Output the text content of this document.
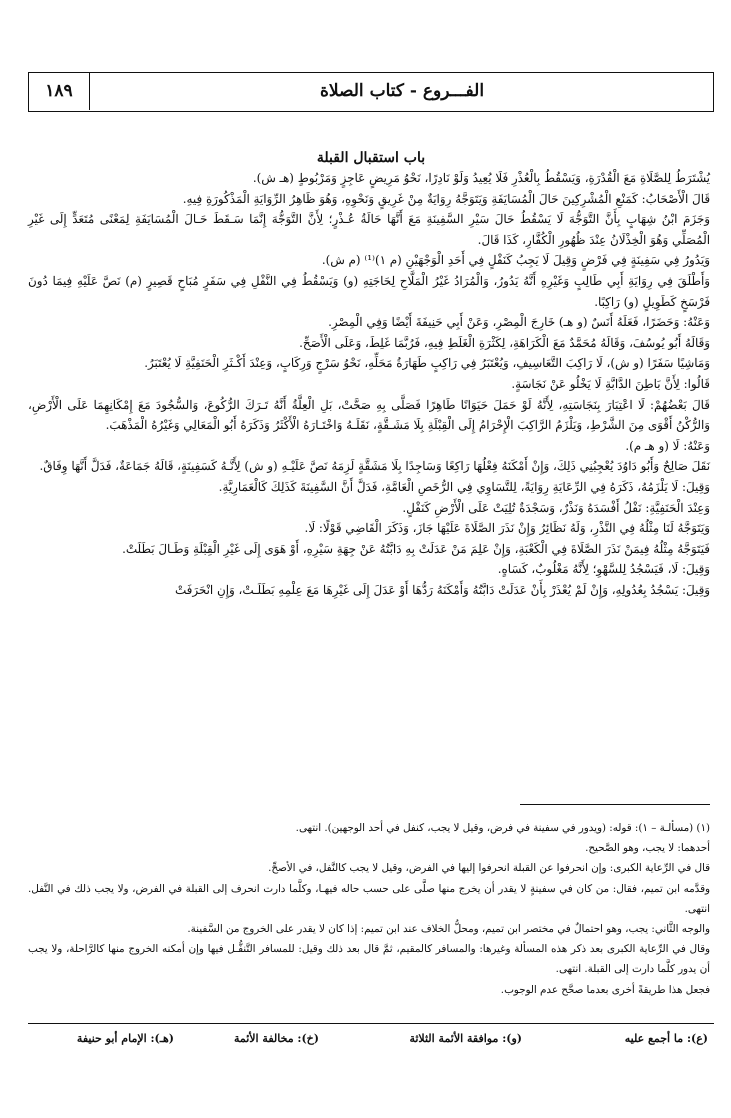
الفـــروع - كتاب الصلاة
١٨٩
باب استقبال القبلة

يُشْتَرَطُ لِلصَّلَاةِ مَعَ الْقُدْرَةِ، وَيَسْقُطُ بِالْعُذْرِ فَلَا يُعِيدُ وَلَوْ نَادِرًا، نَحْوُ مَرِيضٍ عَاجِزٍ وَمَرْبُوطٍ (هـ ش).

قَالَ الْأَصْحَابُ: كَمَنْعِ الْمُشْرِكِينَ حَالَ الْمُسَايَفَةِ وَيَتَوَجَّهُ رِوَايَةٌ مِنْ غَرِيقٍ وَنَحْوِهِ، وَهُوَ ظَاهِرُ الرِّوَايَةِ الْمَذْكُورَةِ فِيهِ.

وَجَزَمَ ابْنُ شِهَابٍ بِأَنَّ التَّوَجُّهَ لَا يَسْقُطُ حَالَ سَيْرِ السَّفِينَةِ مَعَ أَنَّهَا حَالَةُ عُـذْرٍ؛ لِأَنَّ التَّوَجُّهَ إِنَّمَا سَـقَطَ حَـالَ الْمُسَايَفَةِ لِمَعْنًى مُتَعَدٍّ إِلَى غَيْرِ الْمُصَلِّي وَهُوَ الْخِذْلَانُ عِنْدَ ظُهُورِ الْكُفَّارِ، كَذَا قَالَ.

وَيَدُورُ فِي سَفِينَةٍ فِي فَرْضٍ وَقِيلَ لَا يَجِبُ كَنَفْلٍ فِي أَحَدِ الْوَجْهَيْنِ (م ١)⁽¹⁾ (م ش).

وَأَطْلَقَ فِي رِوَايَةِ أَبِي طَالِبٍ وَغَيْرِهِ أَنَّهُ يَدُورُ، وَالْمُرَادُ غَيْرُ الْمَلَّاحِ لِحَاجَتِهِ (و) وَيَسْقُطُ فِي النَّفْلِ فِي سَفَرٍ مُبَاحٍ قَصِيرٍ (م) نَصَّ عَلَيْهِ فِيمَا دُونَ فَرْسَخٍ كَطَوِيلٍ (و) رَاكِبًا.

وَعَنْهُ: وَحَضَرًا، فَعَلَهُ أَنَسٌ (و هـ) خَارِجَ الْمِصْرِ، وَعَنْ أَبِي حَنِيفَةَ أَيْضًا وَفِي الْمِصْرِ.

وَقَالَهُ أَبُو يُوسُفَ، وَقَالَهُ مُحَمَّدٌ مَعَ الْكَرَاهَةِ، لِكَثْرَةِ الْغَلَطِ فِيهِ، فَرُبَّمَا غَلِطَ، وَعَلَى الْأَصَحِّ.

وَمَاشِيًا سَفَرًا (و ش)، لَا رَاكِبَ التَّعَاسِيفِ، وَيُعْتَبَرُ فِي رَاكِبٍ طَهَارَةُ مَحَلِّهِ، نَحْوُ سَرْجٍ وَرِكَابٍ، وَعِنْدَ أَكْـثَرِ الْحَنَفِيَّةِ لَا يُعْتَبَرُ.

قَالُوا: لِأَنَّ بَاطِنَ الدَّابَّةِ لَا يَخْلُو عَنْ نَجَاسَةٍ.

قَالَ بَعْضُهُمْ: لَا اعْتِبَارَ بِنَجَاسَتِهِ، لِأَنَّهُ لَوْ حَمَلَ حَيَوَانًا طَاهِرًا فَصَلَّى بِهِ صَحَّتْ، بَلِ الْعِلَّةُ أَنَّهُ تَـرَكَ الرُّكُوعَ، وَالسُّجُودَ مَعَ إِمْكَانِهِمَا عَلَى الْأَرْضِ، وَالرُّكْنُ أَقْوَى مِنَ الشَّرْطِ، وَيَلْزَمُ الرَّاكِبَ الْإِحْرَامُ إِلَى الْقِبْلَةِ بِلَا مَشَـقَّةٍ، نَقَلَـهُ وَاخْتَـارَهُ الْأَكْثَرُ وَذَكَرَهُ أَبُو الْمَعَالِي وَغَيْرُهُ الْمَذْهَبَ.

وَعَنْهُ: لَا (و هـ م).

نَقَلَ صَالِحٌ وَأَبُو دَاوُدَ يُعْجِبُنِي ذَلِكَ، وَإِنْ أَمْكَنَهُ فِعْلُهَا رَاكِعًا وَسَاجِدًا بِلَا مَشَقَّةٍ لَزِمَهُ نَصَّ عَلَيْـهِ (و ش) لِأَنَّـهُ كَسَفِينَةٍ، قَالَهُ جَمَاعَةٌ، فَدَلَّ أَنَّهَا وِفَاقٌ.

وَقِيلَ: لَا يَلْزَمُهُ، ذَكَرَهُ فِي الرِّعَايَةِ رِوَايَةً، لِلتَّسَاوِي فِي الرُّخَصِ الْعَامَّةِ، فَدَلَّ أَنَّ السَّفِينَةَ كَذَلِكَ كَالْعَمَارِيَّةِ.

وَعِنْدَ الْحَنَفِيَّةِ: نَفْلُ أَفْسَدَهُ وَنَذْرٌ، وَسَجْدَةٌ تُلِيَتْ عَلَى الْأَرْضِ كَنَفْلٍ.

وَيَتَوَجَّهُ لَنَا مِثْلُهُ فِي النَّذْرِ، وَلَهُ نَظَائِرُ وَإِنْ نَذَرَ الصَّلَاةَ عَلَيْهَا جَازَ، وَذَكَرَ الْقَاضِي قَوْلًا: لَا.

فَيَتَوَجَّهُ مِثْلُهُ فِيمَنْ نَذَرَ الصَّلَاةَ فِي الْكَعْبَةِ، وَإِنْ عَلِمَ مَنْ عَدَلَتْ بِهِ دَابَّتُهُ عَنْ جِهَةِ سَيْرِهِ، أَوْ هَوَى إِلَى غَيْرِ الْقِبْلَةِ وَطَـالَ بَطَلَتْ.

وَقِيلَ: لَا، فَيَسْجُدُ لِلسَّهْوِ؛ لِأَنَّهُ مَغْلُوبٌ، كَسَاهٍ.

وَقِيلَ: يَسْجُدُ بِعُدُولِهِ، وَإِنْ لَمْ يُعْذَرْ بِأَنْ عَدَلَتْ دَابَّتُهُ وَأَمْكَنَهُ رَدُّهَا أَوْ عَدَلَ إِلَى غَيْرِهَا مَعَ عِلْمِهِ بَطَلَـتْ، وَإِنِ انْحَرَفَتْ

(١) (مسألـة – ١): قوله: (ويدور في سفينة في فرض، وقيل لا يجب، كنفل في أحد الوجهين). انتهى.

أحدهما: لا يجب، وهو الصَّحيح.

قال في الرِّعاية الكبرى: وإن انحرفوا عن القبلة انحرفوا إليها في الفرض، وقيل لا يجب كالنَّفل، في الأصحِّ.

وقدَّمه ابن تميم، فقال: من كان في سفينةٍ لا يقدر أن يخرج منها صلَّى على حسب حاله فيهـا، وكلَّما دارت انحرف إلى القبلة في الفرض، ولا يجب ذلك في النَّفل. انتهى.

والوجه الثَّاني: يجب، وهو احتمالٌ في مختصر ابن تميم، ومحلُّ الخلاف عند ابن تميم: إذا كان لا يقدر على الخروج من السَّفينة.

وقال في الرِّعاية الكبرى بعد ذكر هذه المسألة وغيرها: والمسافر كالمقيم، ثمَّ قال بعد ذلك وقيل: للمسافر التَّنفُّـل فيها وإن أمكنه الخروج منها كالرَّاحلة، ولا يجب أن يدور كلَّما دارت إلى القبلة. انتهى.

فجعل هذا طريقةً أخرى بعدما صحَّح عدم الوجوب.

(ع): ما أجمع عليه
(و): موافقة الأئمة الثلاثة
(خ): مخالفة الأئمة
(هـ): الإمام أبو حنيفة
